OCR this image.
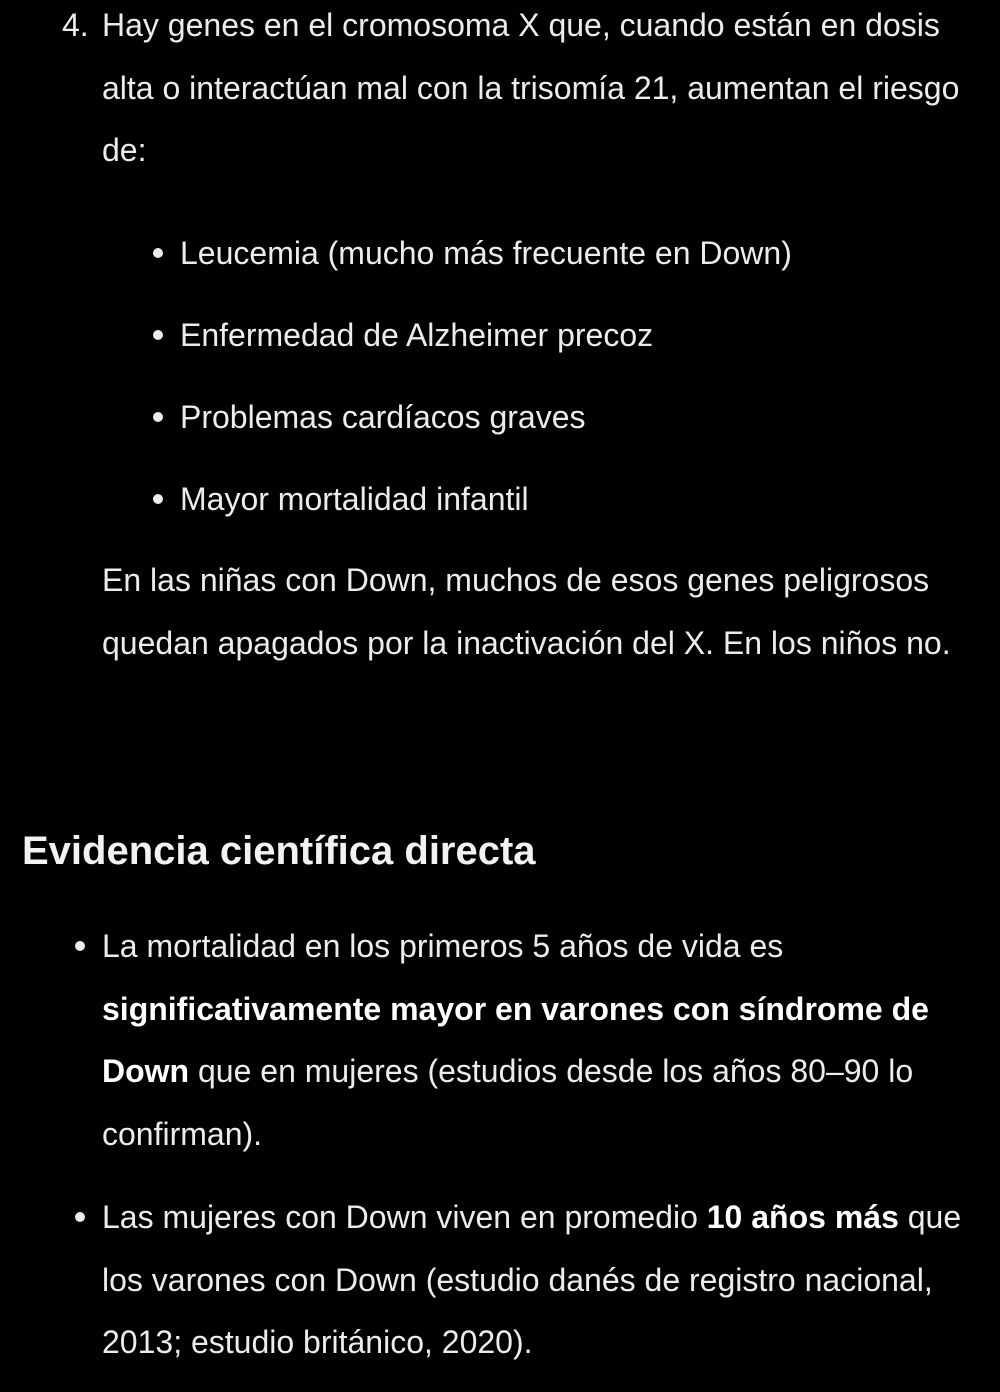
4. Hay genes en el cromosoma X que, cuando están en dosis alta o interactúan mal con la trisomía 21, aumentan el riesgo de:
Leucemia (mucho más frecuente en Down)
Enfermedad de Alzheimer precoz
Problemas cardíacos graves
Mayor mortalidad infantil
En las niñas con Down, muchos de esos genes peligrosos quedan apagados por la inactivación del X. En los niños no.
Evidencia científica directa
La mortalidad en los primeros 5 años de vida es significativamente mayor en varones con síndrome de Down que en mujeres (estudios desde los años 80–90 lo confirman).
Las mujeres con Down viven en promedio 10 años más que los varones con Down (estudio danés de registro nacional, 2013; estudio británico, 2020).
